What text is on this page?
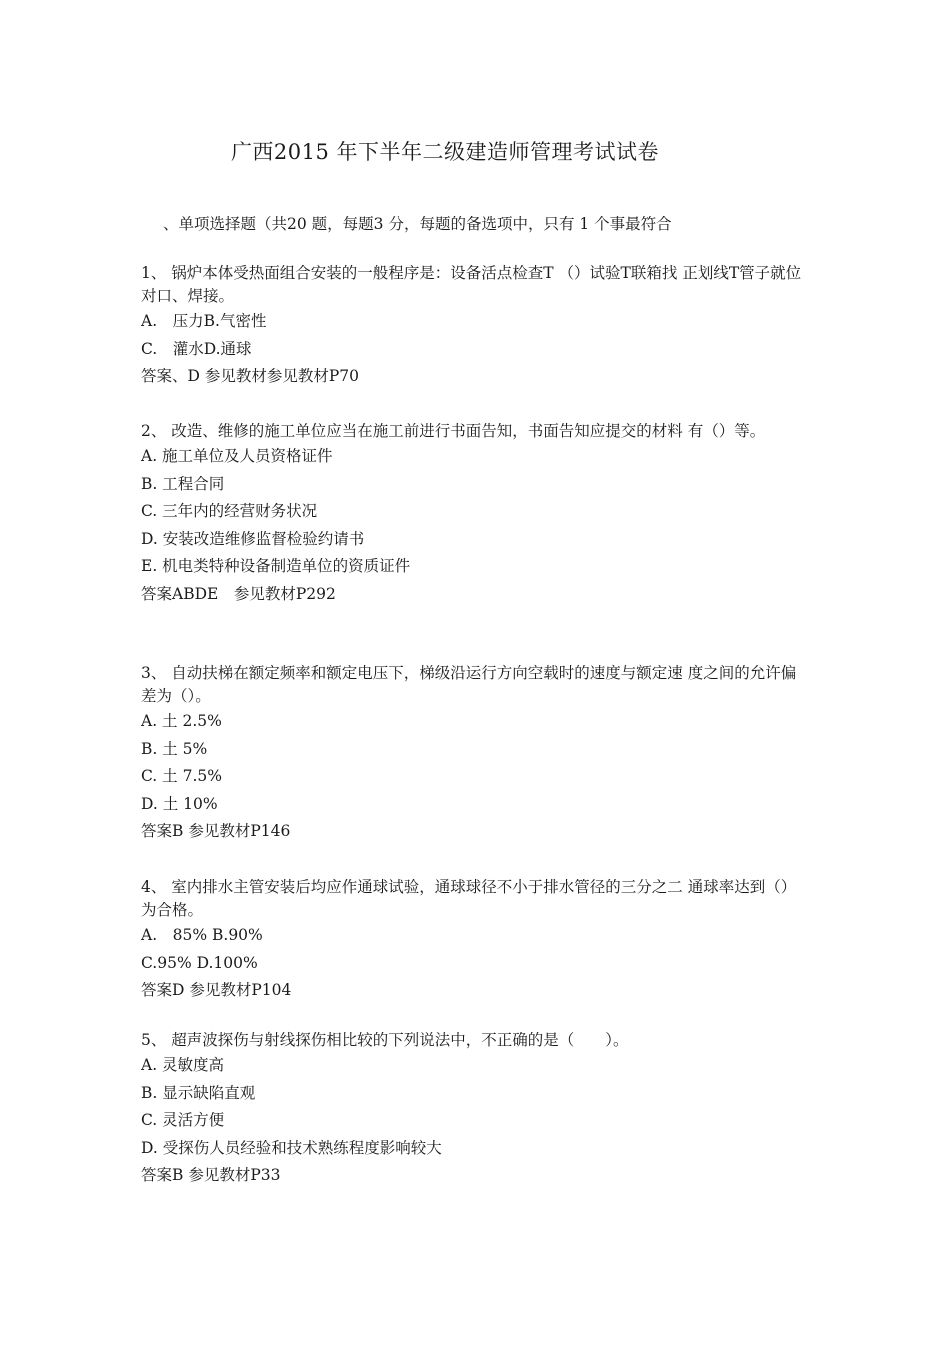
广西2015 年下半年二级建造师管理考试试卷

、单项选择题（共20 题，每题3 分，每题的备选项中，只有 1 个事最符合

1、 锅炉本体受热面组合安装的一般程序是：设备活点检查T （）试验T联箱找 正划线T管子就位对口、焊接。

A.　压力B.气密性

C.　灌水D.通球

答案、D 参见教材参见教材P70

2、 改造、维修的施工单位应当在施工前进行书面告知，书面告知应提交的材料 有（）等。

A. 施工单位及人员资格证件

B. 工程合同

C. 三年内的经营财务状况

D. 安装改造维修监督检验约请书

E. 机电类特种设备制造单位的资质证件

答案ABDE　参见教材P292

3、 自动扶梯在额定频率和额定电压下，梯级沿运行方向空载时的速度与额定速 度之间的允许偏差为（）。

A. 土 2.5%

B. 土 5%

C. 土 7.5%

D. 土 10%

答案B 参见教材P146

4、 室内排水主管安装后均应作通球试验，通球球径不小于排水管径的三分之二 通球率达到（）为合格。

A.　85% B.90%

C.95% D.100%

答案D 参见教材P104

5、 超声波探伤与射线探伤相比较的下列说法中，不正确的是（　　）。

A. 灵敏度高

B. 显示缺陷直观

C. 灵活方便

D. 受探伤人员经验和技术熟练程度影响较大

答案B 参见教材P33
